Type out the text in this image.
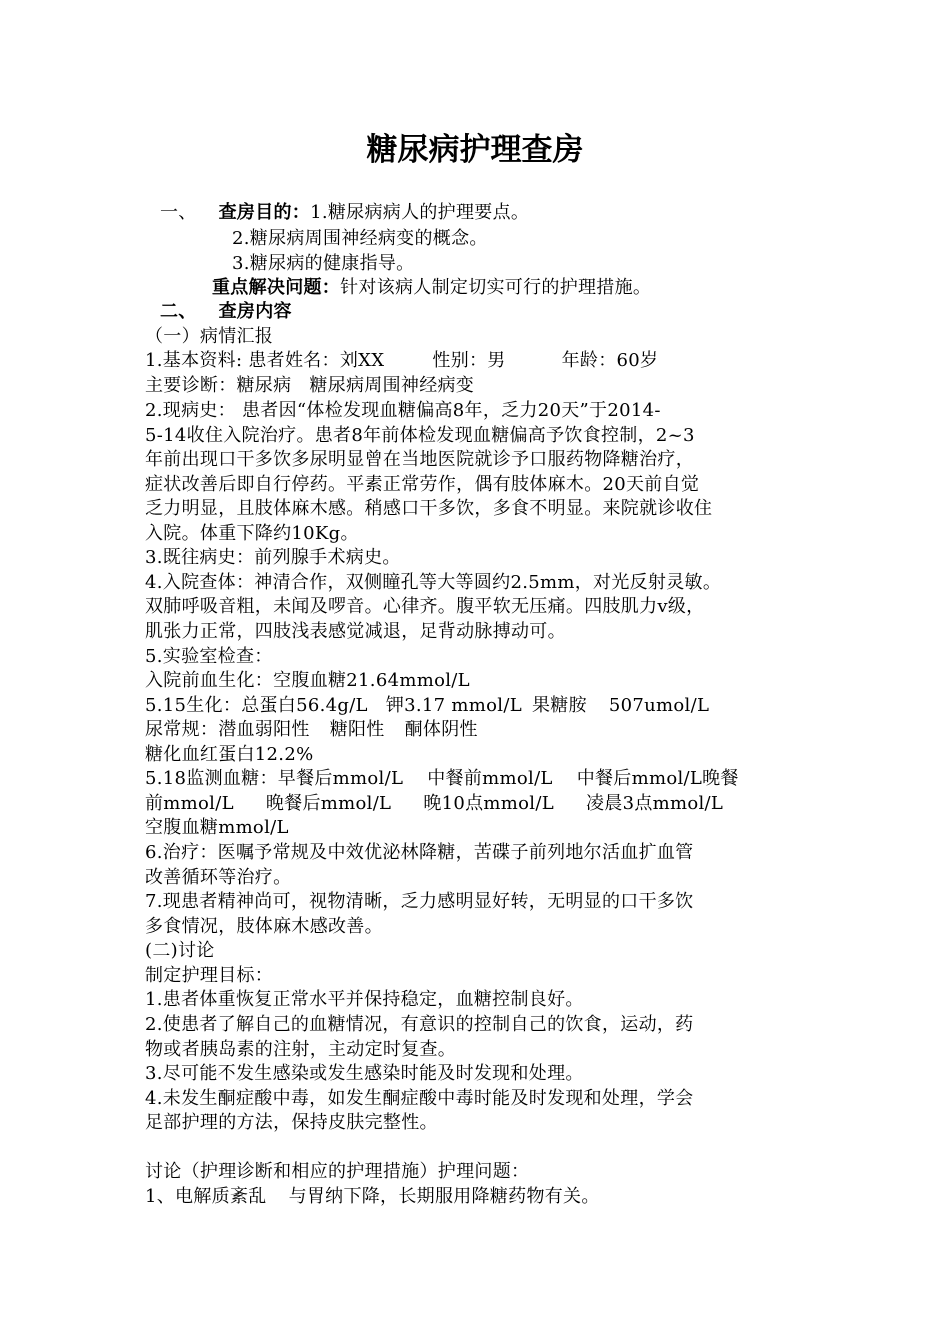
糖尿病护理查房
一、 查房目的：1.糖尿病病人的护理要点。
2.糖尿病周围神经病变的概念。
3.糖尿病的健康指导。
重点解决问题：针对该病人制定切实可行的护理措施。
二、 查房内容
（一）病情汇报
1.基本资料: 患者姓名：刘XX	性别：男	年龄：60岁
主要诊断：糖尿病 糖尿病周围神经病变
2.现病史： 患者因“体检发现血糖偏高8年，乏力20天”于2014-
5-14收住入院治疗。患者8年前体检发现血糖偏高予饮食控制，2~3
年前出现口干多饮多尿明显曾在当地医院就诊予口服药物降糖治疗，
症状改善后即自行停药。平素正常劳作，偶有肢体麻木。20天前自觉
乏力明显，且肢体麻木感。稍感口干多饮，多食不明显。来院就诊收住
入院。体重下降约10Kg。
3.既往病史：前列腺手术病史。
4.入院查体：神清合作，双侧瞳孔等大等圆约2.5mm，对光反射灵敏。
双肺呼吸音粗，未闻及啰音。心律齐。腹平软无压痛。四肢肌力v级，
肌张力正常，四肢浅表感觉减退，足背动脉搏动可。
5.实验室检查：
入院前血生化：空腹血糖21.64mmol/L
5.15生化：总蛋白56.4g/L 钾3.17 mmol/L 果糖胺 507umol/L
尿常规：潜血弱阳性 糖阳性 酮体阴性
糖化血红蛋白12.2%
5.18监测血糖：早餐后mmol/L 中餐前mmol/L 中餐后mmol/L晚餐
前mmol/L 晚餐后mmol/L 晚10点mmol/L 凌晨3点mmol/L
空腹血糖mmol/L
6.治疗：医嘱予常规及中效优泌林降糖，苦碟子前列地尔活血扩血管
改善循环等治疗。
7.现患者精神尚可，视物清晰，乏力感明显好转，无明显的口干多饮
多食情况，肢体麻木感改善。
(二)讨论
制定护理目标：
1.患者体重恢复正常水平并保持稳定，血糖控制良好。
2.使患者了解自己的血糖情况，有意识的控制自己的饮食，运动，药
物或者胰岛素的注射，主动定时复查。
3.尽可能不发生感染或发生感染时能及时发现和处理。
4.未发生酮症酸中毒，如发生酮症酸中毒时能及时发现和处理，学会
足部护理的方法，保持皮肤完整性。
讨论（护理诊断和相应的护理措施）护理问题：
1、电解质紊乱 与胃纳下降，长期服用降糖药物有关。
